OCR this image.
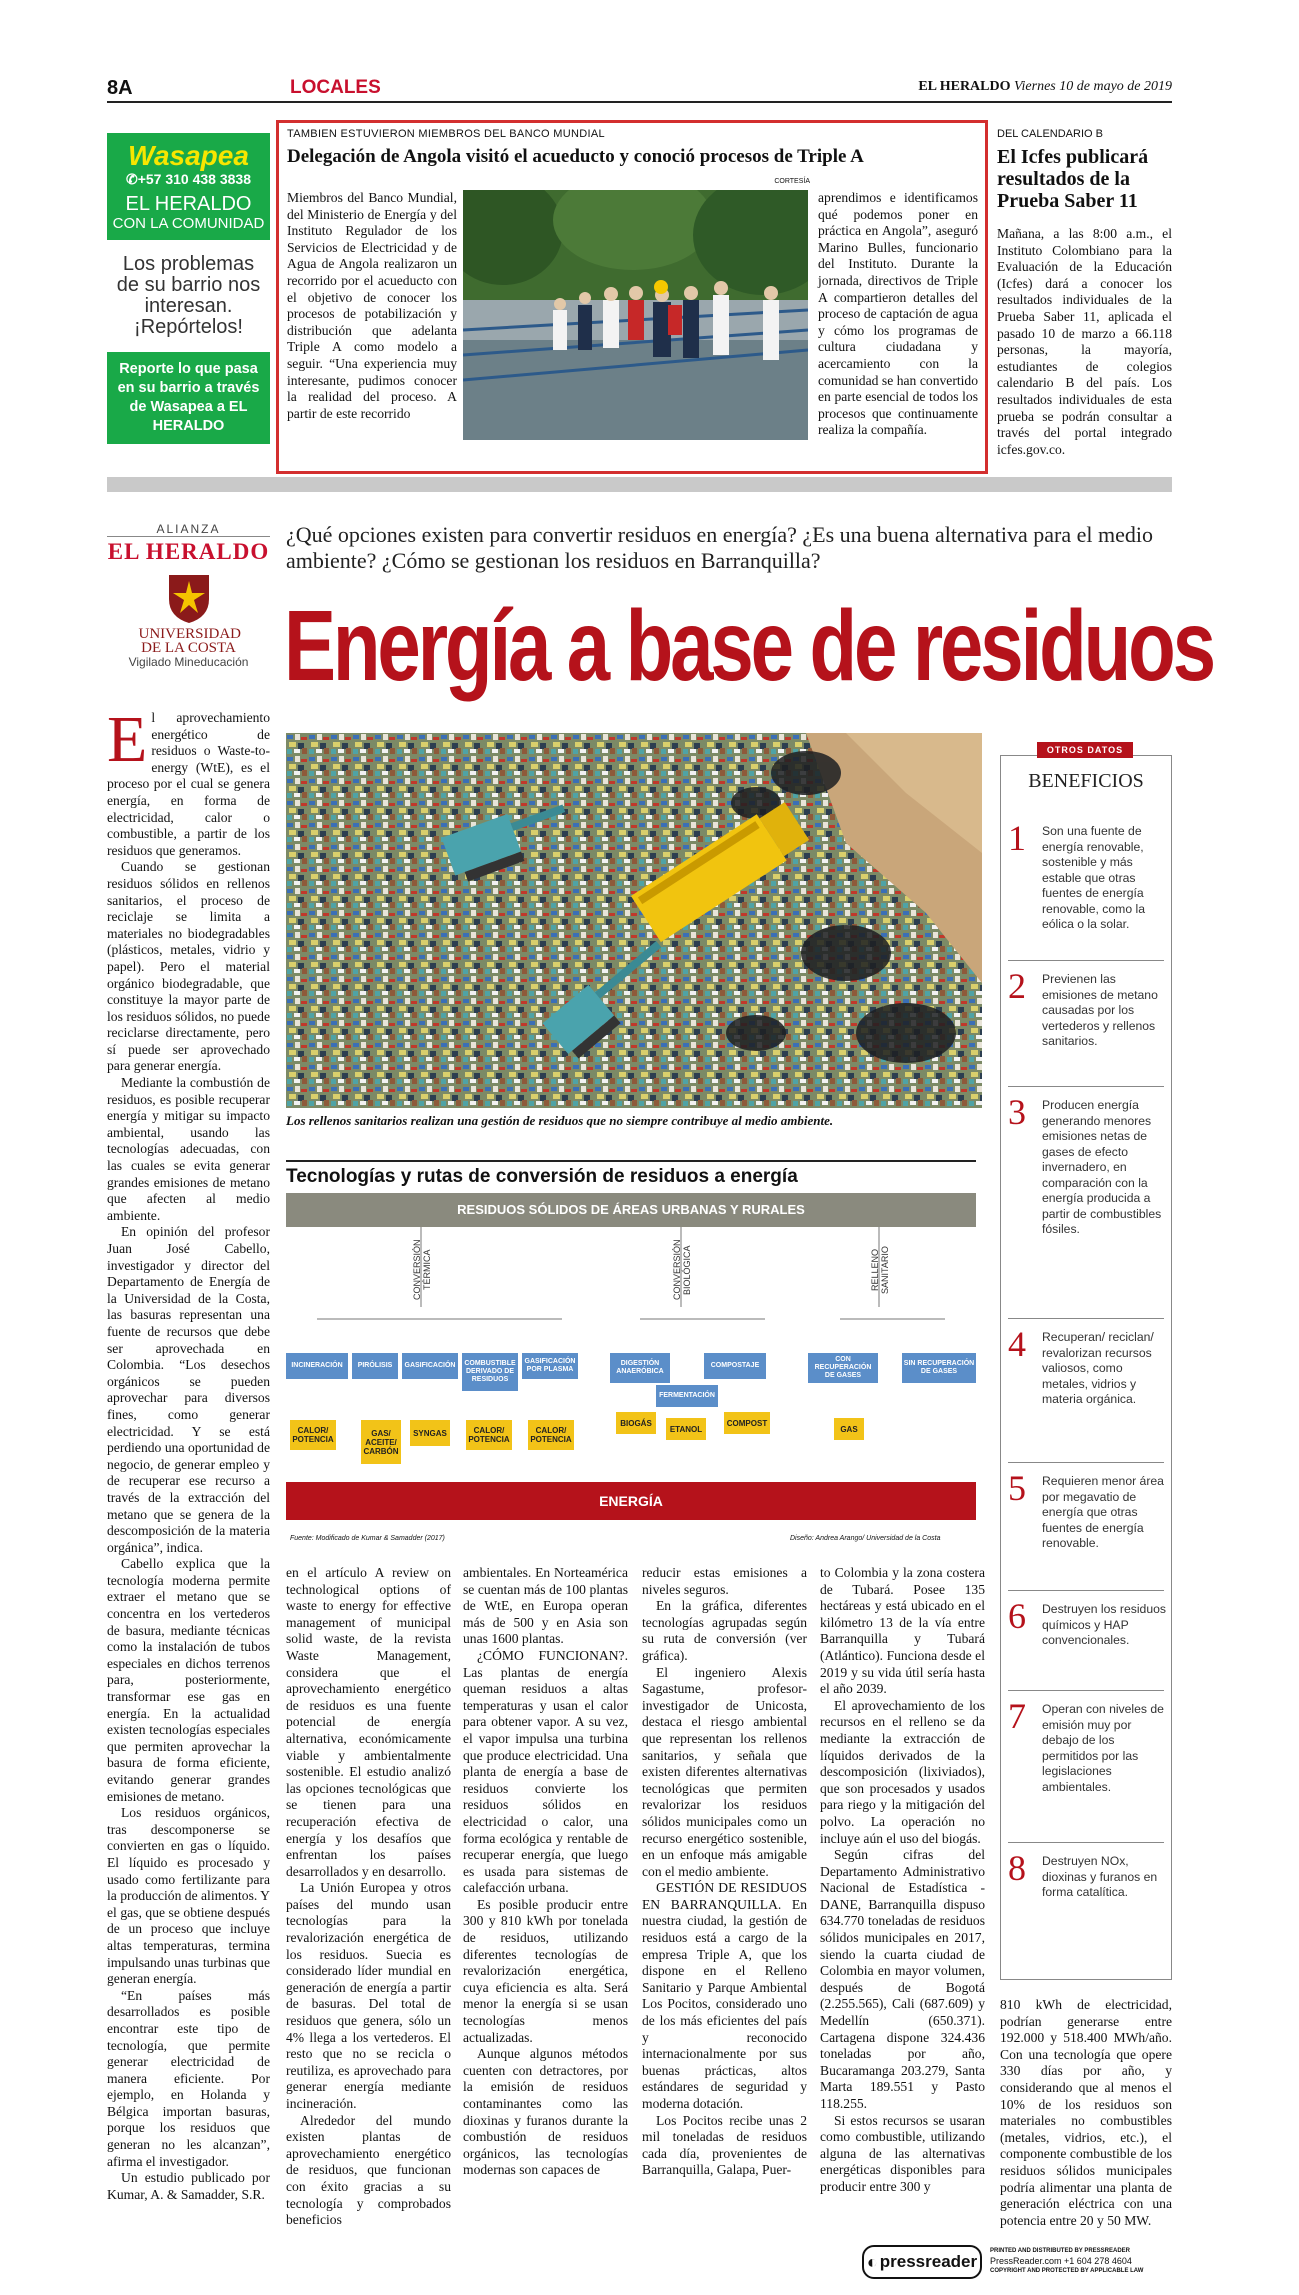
8A	LOCALES	EL HERALDO Viernes 10 de mayo de 2019
Wasapea
✆+57 310 438 3838
EL HERALDO
CON LA COMUNIDAD
Los problemas de su barrio nos interesan. ¡Repórtelos!
Reporte lo que pasa en su barrio a través de Wasapea a EL HERALDO
TAMBIEN ESTUVIERON MIEMBROS DEL BANCO MUNDIAL
Delegación de Angola visitó el acueducto y conoció procesos de Triple A
CORTESÍA

Miembros del Banco Mundial, del Ministerio de Energía y del Instituto Regulador de los Servicios de Electricidad y de Agua de Angola realizaron un recorrido por el acueducto con el objetivo de conocer los procesos de potabilización y distribución que adelanta Triple A como modelo a seguir. “Una experiencia muy interesante, pudimos conocer la realidad del proceso. A partir de este recorrido

aprendimos e identificamos qué podemos poner en práctica en Angola”, aseguró Marino Bulles, funcionario del Instituto. Durante la jornada, directivos de Triple A compartieron detalles del proceso de captación de agua y cómo los programas de cultura ciudadana y acercamiento con la comunidad se han convertido en parte esencial de todos los procesos que continuamente realiza la compañía.

DEL CALENDARIO B
El Icfes publicará resultados de la Prueba Saber 11

Mañana, a las 8:00 a.m., el Instituto Colombiano para la Evaluación de la Educación (Icfes) dará a conocer los resultados individuales de la Prueba Saber 11, aplicada el pasado 10 de marzo a 66.118 personas, la mayoría, estudiantes de colegios calendario B del país. Los resultados individuales de esta prueba se podrán consultar a través del portal integrado icfes.gov.co.

ALIANZA
EL HERALDO
UNIVERSIDAD DE LA COSTA
Vigilado Mineducación
¿Qué opciones existen para convertir residuos en energía? ¿Es una buena alternativa para el medio ambiente? ¿Cómo se gestionan los residuos en Barranquilla?
Energía a base de residuos

El aprovechamiento energético de residuos o Waste-to-energy (WtE), es el proceso por el cual se genera energía, en forma de electricidad, calor o combustible, a partir de los residuos que generamos.

Cuando se gestionan residuos sólidos en rellenos sanitarios, el proceso de reciclaje se limita a materiales no biodegradables (plásticos, metales, vidrio y papel). Pero el material orgánico biodegradable, que constituye la mayor parte de los residuos sólidos, no puede reciclarse directamente, pero sí puede ser aprovechado para generar energía.

Mediante la combustión de residuos, es posible recuperar energía y mitigar su impacto ambiental, usando las tecnologías adecuadas, con las cuales se evita generar grandes emisiones de metano que afecten al medio ambiente.

En opinión del profesor Juan José Cabello, investigador y director del Departamento de Energía de la Universidad de la Costa, las basuras representan una fuente de recursos que debe ser aprovechada en Colombia. “Los desechos orgánicos se pueden aprovechar para diversos fines, como generar electricidad. Y se está perdiendo una oportunidad de negocio, de generar empleo y de recuperar ese recurso a través de la extracción del metano que se genera de la descomposición de la materia orgánica”, indica.

Cabello explica que la tecnología moderna permite extraer el metano que se concentra en los vertederos de basura, mediante técnicas como la instalación de tubos especiales en dichos terrenos para, posteriormente, transformar ese gas en energía. En la actualidad existen tecnologías especiales que permiten aprovechar la basura de forma eficiente, evitando generar grandes emisiones de metano.

Los residuos orgánicos, tras descomponerse se convierten en gas o líquido. El líquido es procesado y usado como fertilizante para la producción de alimentos. Y el gas, que se obtiene después de un proceso que incluye altas temperaturas, termina impulsando unas turbinas que generan energía.

“En países más desarrollados es posible encontrar este tipo de tecnología, que permite generar electricidad de manera eficiente. Por ejemplo, en Holanda y Bélgica importan basuras, porque los residuos que generan no les alcanzan”, afirma el investigador.

Un estudio publicado por Kumar, A. & Samadder, S.R.

Los rellenos sanitarios realizan una gestión de residuos que no siempre contribuye al medio ambiente.
Tecnologías y rutas de conversión de residuos a energía
RESIDUOS SÓLIDOS DE ÁREAS URBANAS Y RURALES
CONVERSIÓN TÉRMICA	CONVERSIÓN BIOLÓGICA	RELLENO SANITARIO
INCINERACIÓN	PIRÓLISIS	GASIFICACIÓN	COMBUSTIBLE DERIVADO DE RESIDUOS
GASIFICACIÓN POR PLASMA
CALOR/ POTENCIA
GAS/ ACEITE/ CARBÓN
SYNGAS	CALOR/ POTENCIA
CALOR/ POTENCIA
DIGESTIÓN ANAERÓBICA
COMPOSTAJE
FERMENTACIÓN
BIOGÁS
ETANOL
COMPOST
CON RECUPERACIÓN DE GASES
SIN RECUPERACIÓN DE GASES
GAS
ENERGÍA
Fuente: Modificado de Kumar & Samadder (2017)	Diseño: Andrea Arango/ Universidad de la Costa

en el artículo A review on technological options of waste to energy for effective management of municipal solid waste, de la revista Waste Management, considera que el aprovechamiento energético de residuos es una fuente potencial de energía alternativa, económicamente viable y ambientalmente sostenible. El estudio analizó las opciones tecnológicas que se tienen para una recuperación efectiva de energía y los desafíos que enfrentan los países desarrollados y en desarrollo.

La Unión Europea y otros países del mundo usan tecnologías para la revalorización energética de los residuos. Suecia es considerado líder mundial en generación de energía a partir de basuras. Del total de residuos que genera, sólo un 4% llega a los vertederos. El resto que no se recicla o reutiliza, es aprovechado para generar energía mediante incineración.

Alrededor del mundo existen plantas de aprovechamiento energético de residuos, que funcionan con éxito gracias a su tecnología y comprobados beneficios

ambientales. En Norteamérica se cuentan más de 100 plantas de WtE, en Europa operan más de 500 y en Asia son unas 1600 plantas.

¿CÓMO FUNCIONAN?. Las plantas de energía queman residuos a altas temperaturas y usan el calor para obtener vapor. A su vez, el vapor impulsa una turbina que produce electricidad. Una planta de energía a base de residuos convierte los residuos sólidos en electricidad o calor, una forma ecológica y rentable de recuperar energía, que luego es usada para sistemas de calefacción urbana.

Es posible producir entre 300 y 810 kWh por tonelada de residuos, utilizando diferentes tecnologías de revalorización energética, cuya eficiencia es alta. Será menor la energía si se usan tecnologías menos actualizadas.

Aunque algunos métodos cuenten con detractores, por la emisión de residuos contaminantes como las dioxinas y furanos durante la combustión de residuos orgánicos, las tecnologías modernas son capaces de

reducir estas emisiones a niveles seguros.

En la gráfica, diferentes tecnologías agrupadas según su ruta de conversión (ver gráfica).

El ingeniero Alexis Sagastume, profesor-investigador de Unicosta, destaca el riesgo ambiental que representan los rellenos sanitarios, y señala que existen diferentes alternativas tecnológicas que permiten revalorizar los residuos sólidos municipales como un recurso energético sostenible, en un enfoque más amigable con el medio ambiente.

GESTIÓN DE RESIDUOS EN BARRANQUILLA. En nuestra ciudad, la gestión de residuos está a cargo de la empresa Triple A, que los dispone en el Relleno Sanitario y Parque Ambiental Los Pocitos, considerado uno de los más eficientes del país y reconocido internacionalmente por sus buenas prácticas, altos estándares de seguridad y moderna dotación.

Los Pocitos recibe unas 2 mil toneladas de residuos cada día, provenientes de Barranquilla, Galapa, Puer-

to Colombia y la zona costera de Tubará. Posee 135 hectáreas y está ubicado en el kilómetro 13 de la vía entre Barranquilla y Tubará (Atlántico). Funciona desde el 2019 y su vida útil sería hasta el año 2039.

El aprovechamiento de los recursos en el relleno se da mediante la extracción de líquidos derivados de la descomposición (lixiviados), que son procesados y usados para riego y la mitigación del polvo. La operación no incluye aún el uso del biogás.

Según cifras del Departamento Administrativo Nacional de Estadística - DANE, Barranquilla dispuso 634.770 toneladas de residuos sólidos municipales en 2017, siendo la cuarta ciudad de Colombia en mayor volumen, después de Bogotá (2.255.565), Cali (687.609) y Medellín (650.371). Cartagena dispone 324.436 toneladas por año, Bucaramanga 203.279, Santa Marta 189.551 y Pasto 118.255.

Si estos recursos se usaran como combustible, utilizando alguna de las alternativas energéticas disponibles para producir entre 300 y

810 kWh de electricidad, podrían generarse entre 192.000 y 518.400 MWh/año. Con una tecnología que opere 330 días por año, y considerando que al menos el 10% de los residuos son materiales no combustibles (metales, vidrios, etc.), el componente combustible de los residuos sólidos municipales podría alimentar una planta de generación eléctrica con una potencia entre 20 y 50 MW.

OTROS DATOS
BENEFICIOS
1 Son una fuente de energía renovable, sostenible y más estable que otras fuentes de energía renovable, como la eólica o la solar.
2 Previenen las emisiones de metano causadas por los vertederos y rellenos sanitarios.
3 Producen energía generando menores emisiones netas de gases de efecto invernadero, en comparación con la energía producida a partir de combustibles fósiles.
4 Recuperan/ reciclan/ revalorizan recursos valiosos, como metales, vidrios y materia orgánica.
5 Requieren menor área por megavatio de energía que otras fuentes de energía renovable.
6 Destruyen los residuos químicos y HAP convencionales.
7 Operan con niveles de emisión muy por debajo de los permitidos por las legislaciones ambientales.
8 Destruyen NOx, dioxinas y furanos en forma catalítica.
◐ pressreader
PRINTED AND DISTRIBUTED BY PRESSREADER
PressReader.com +1 604 278 4604
COPYRIGHT AND PROTECTED BY APPLICABLE LAW
